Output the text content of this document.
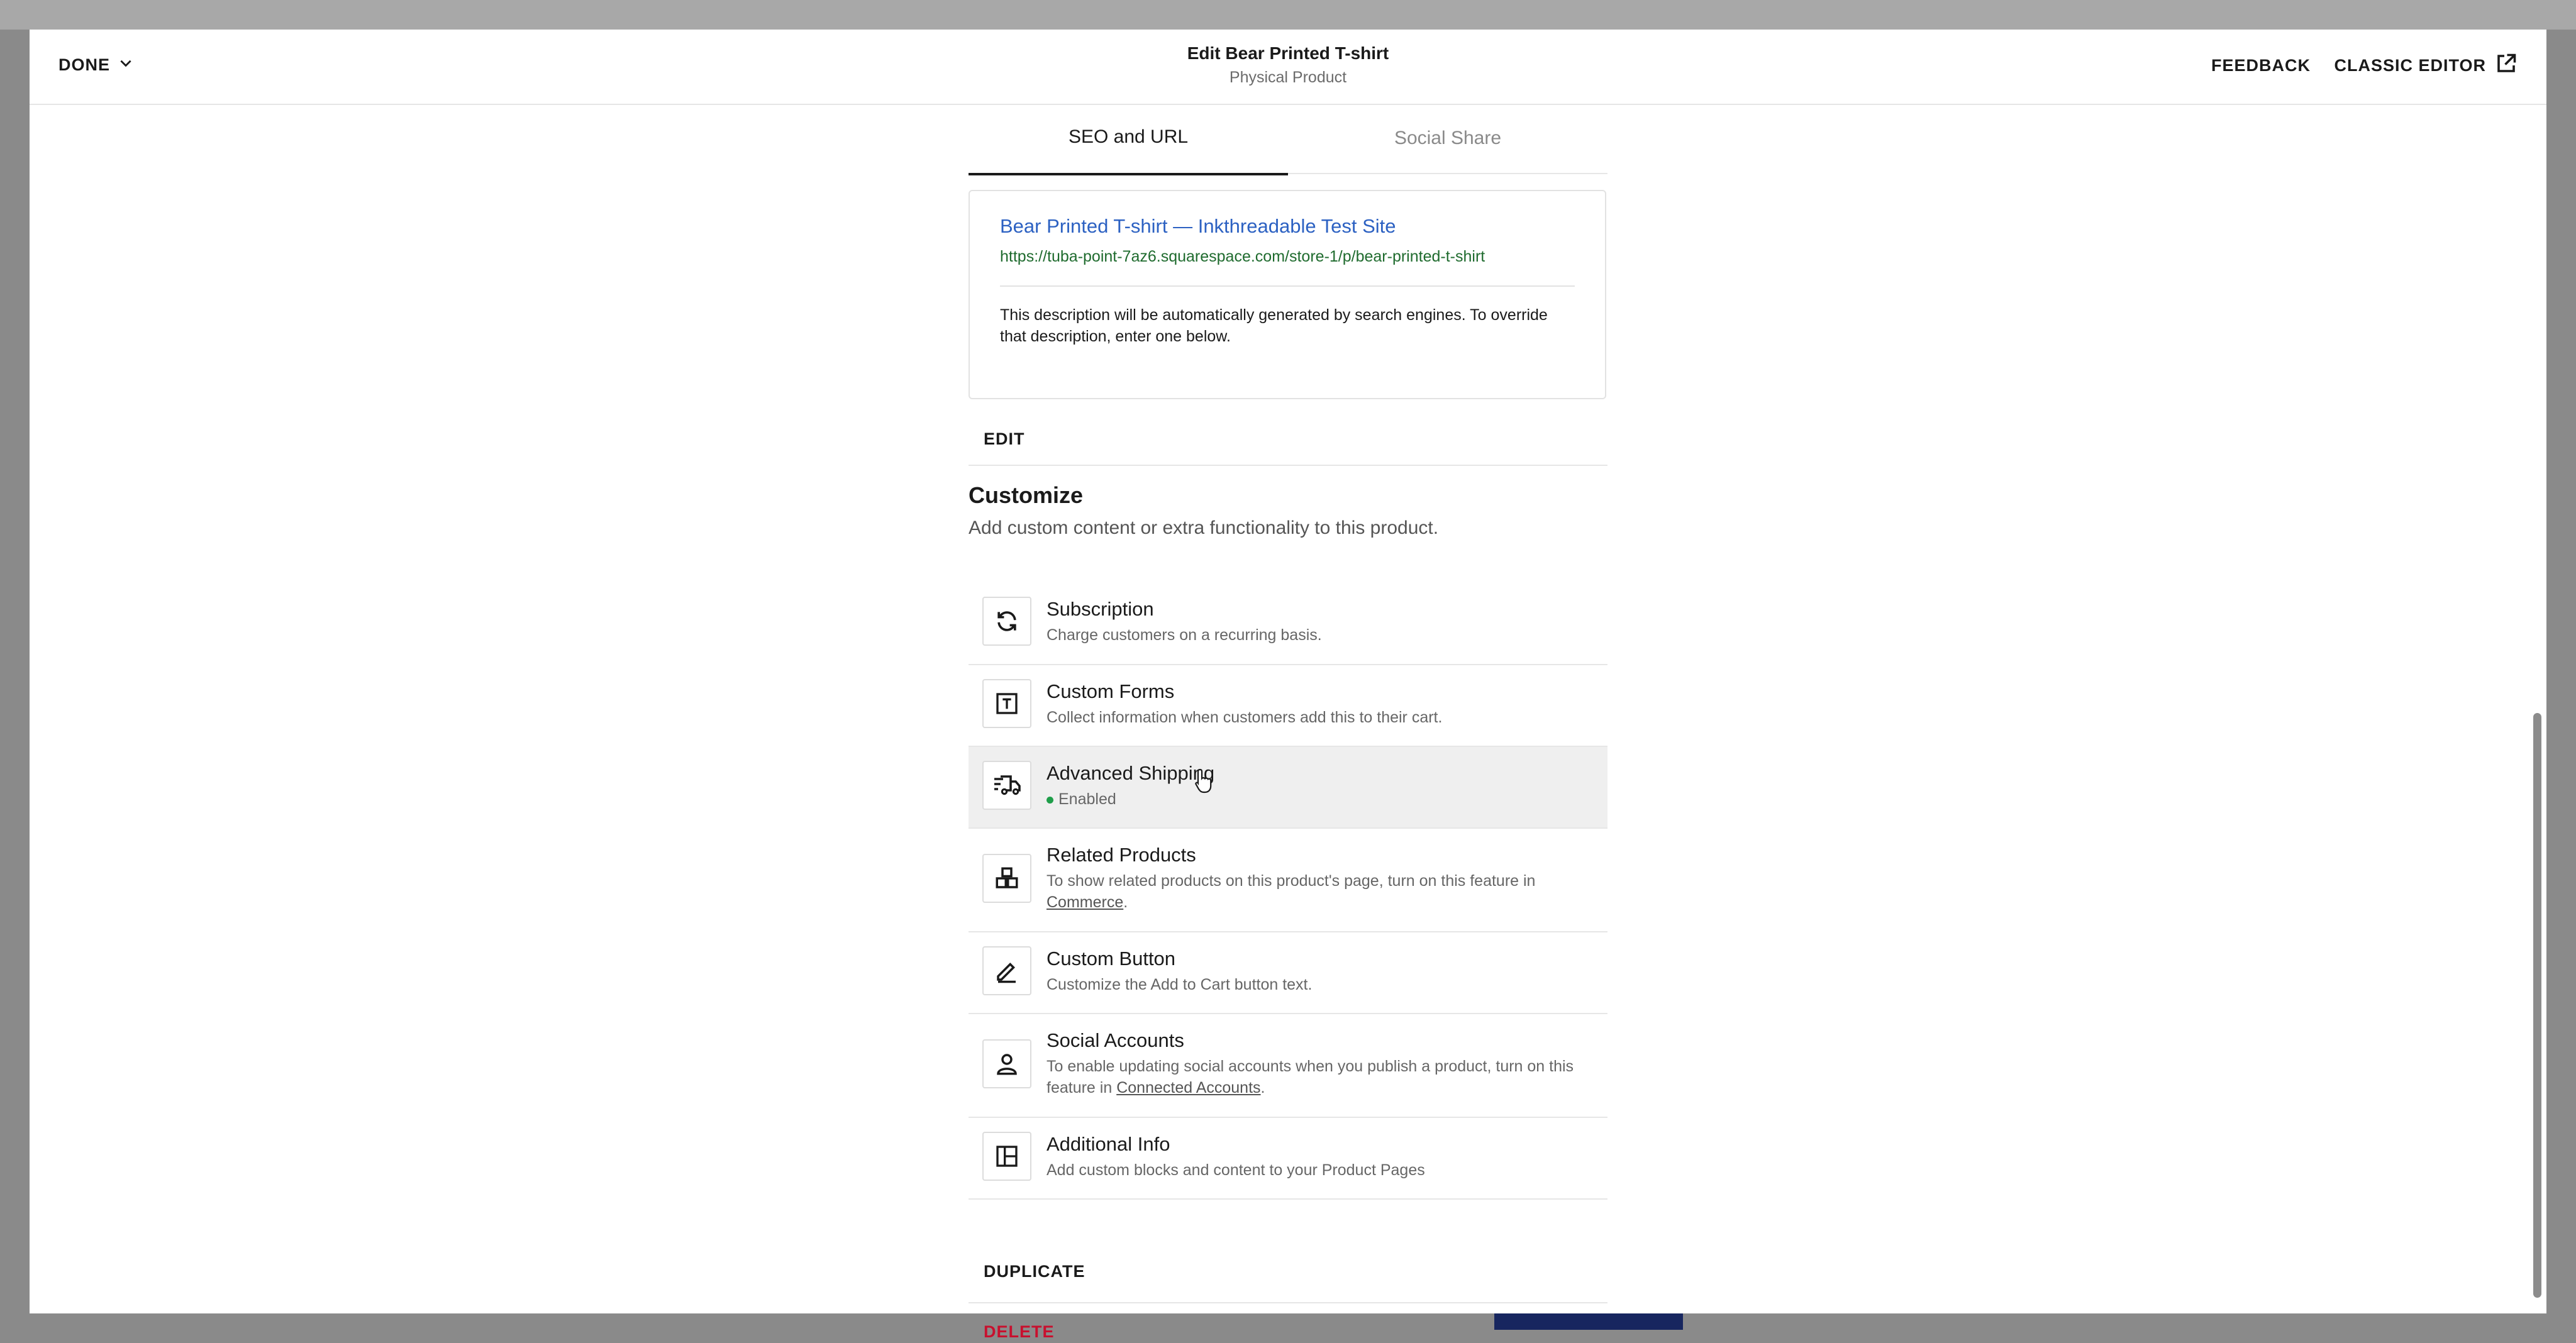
DONE
Edit Bear Printed T-shirt
Physical Product
FEEDBACK CLASSIC EDITOR
SEO and URL	Social Share
Bear Printed T-shirt — Inkthreadable Test Site
https://tuba-point-7az6.squarespace.com/store-1/p/bear-printed-t-shirt
This description will be automatically generated by search engines. To override that description, enter one below.
EDIT
Customize
Add custom content or extra functionality to this product.
Subscription
Charge customers on a recurring basis.
Custom Forms
Collect information when customers add this to their cart.
Advanced Shipping
Enabled
Related Products
To show related products on this product's page, turn on this feature in Commerce.
Custom Button
Customize the Add to Cart button text.
Social Accounts
To enable updating social accounts when you publish a product, turn on this feature in Connected Accounts.
Additional Info
Add custom blocks and content to your Product Pages
DUPLICATE
DELETE
